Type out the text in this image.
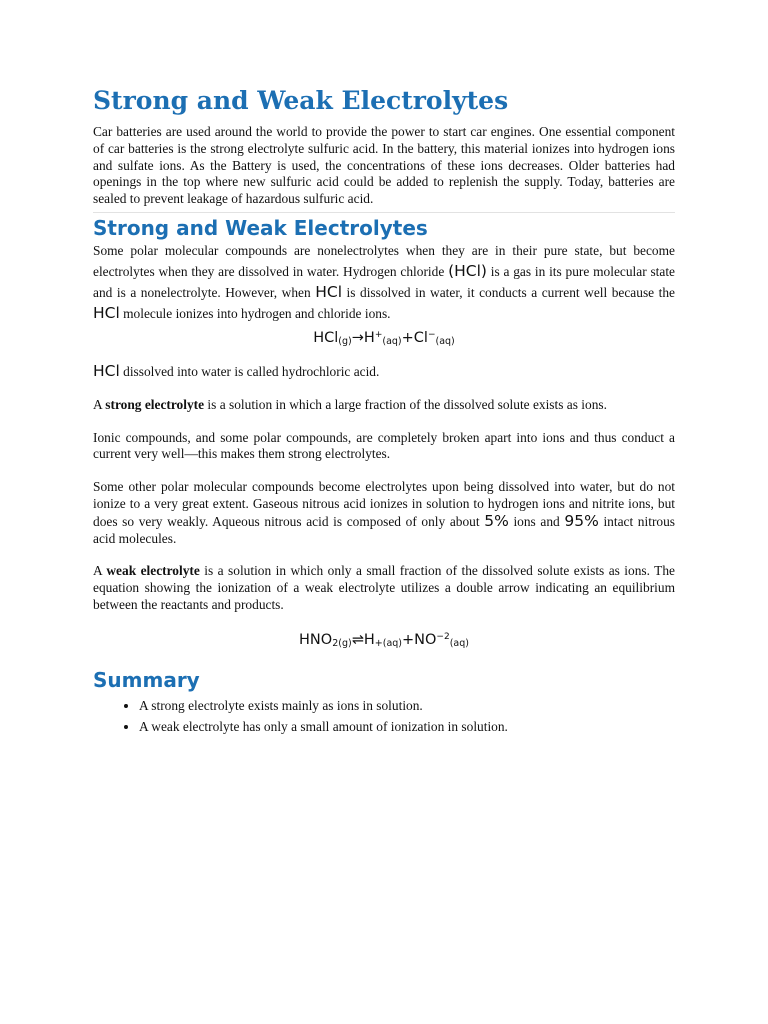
Strong and Weak Electrolytes

Car batteries are used around the world to provide the power to start car engines. One essential component of car batteries is the strong electrolyte sulfuric acid. In the battery, this material ionizes into hydrogen ions and sulfate ions. As the Battery is used, the concentrations of these ions decreases. Older batteries had openings in the top where new sulfuric acid could be added to replenish the supply. Today, batteries are sealed to prevent leakage of hazardous sulfuric acid.

Strong and Weak Electrolytes

Some polar molecular compounds are nonelectrolytes when they are in their pure state, but become electrolytes when they are dissolved in water. Hydrogen chloride (HCl) is a gas in its pure molecular state and is a nonelectrolyte. However, when HCl is dissolved in water, it conducts a current well because the HCl molecule ionizes into hydrogen and chloride ions.

$HCl_{(g)}\to H^+_{(aq)}+Cl^-_{(aq)}$

HCl dissolved into water is called hydrochloric acid.

A strong electrolyte is a solution in which a large fraction of the dissolved solute exists as ions.

Ionic compounds, and some polar compounds, are completely broken apart into ions and thus conduct a current very well—this makes them strong electrolytes.

Some other polar molecular compounds become electrolytes upon being dissolved into water, but do not ionize to a very great extent. Gaseous nitrous acid ionizes in solution to hydrogen ions and nitrite ions, but does so very weakly. Aqueous nitrous acid is composed of only about 5% ions and 95% intact nitrous acid molecules.

A weak electrolyte is a solution in which only a small fraction of the dissolved solute exists as ions. The equation showing the ionization of a weak electrolyte utilizes a double arrow indicating an equilibrium between the reactants and products.

$HNO_{2(g)}\rightleftharpoons H_{+(aq)}+NO^{-2}_{(aq)}$
Summary
• A strong electrolyte exists mainly as ions in solution.
• A weak electrolyte has only a small amount of ionization in solution.
